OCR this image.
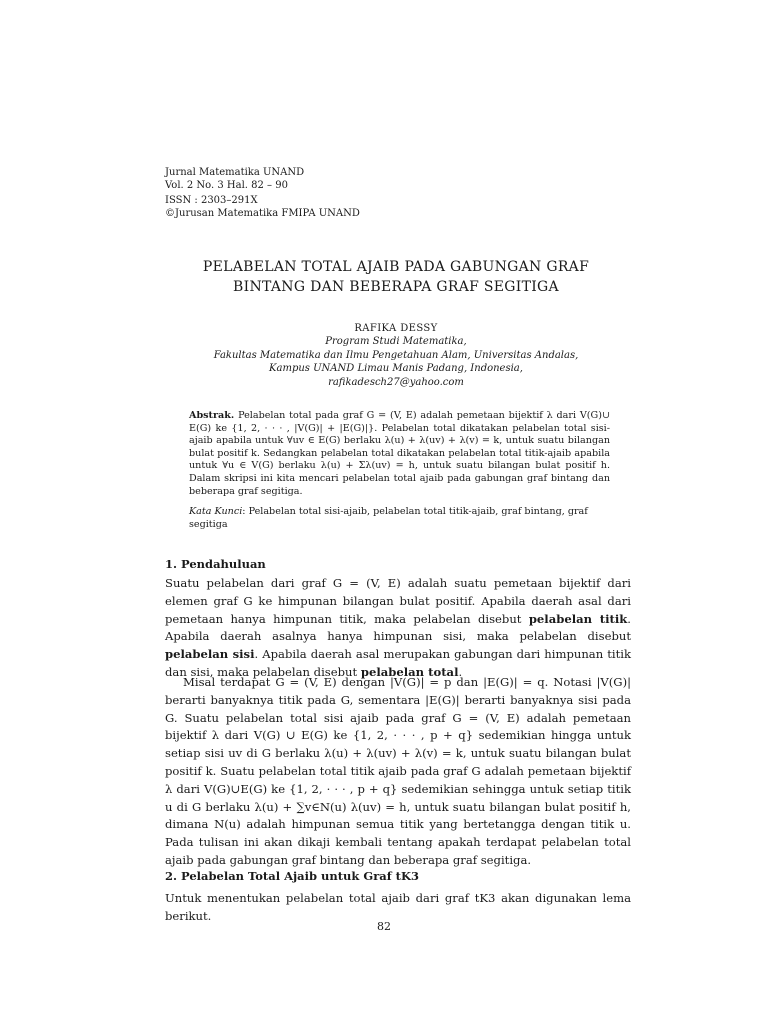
Jurnal Matematika UNAND
Vol. 2 No. 3 Hal. 82 – 90
ISSN : 2303–291X
©Jurusan Matematika FMIPA UNAND
PELABELAN TOTAL AJAIB PADA GABUNGAN GRAF
BINTANG DAN BEBERAPA GRAF SEGITIGA
RAFIKA DESSY
Program Studi Matematika,
Fakultas Matematika dan Ilmu Pengetahuan Alam, Universitas Andalas,
Kampus UNAND Limau Manis Padang, Indonesia,
rafikadesch27@yahoo.com
Abstrak. Pelabelan total pada graf G = (V, E) adalah pemetaan bijektif λ dari V(G)∪ E(G) ke {1, 2, · · · , |V(G)| + |E(G)|}. Pelabelan total dikatakan pelabelan total sisi-ajaib apabila untuk ∀uv ∈ E(G) berlaku λ(u) + λ(uv) + λ(v) = k, untuk suatu bilangan bulat positif k. Sedangkan pelabelan total dikatakan pelabelan total titik-ajaib apabila untuk ∀u ∈ V(G) berlaku λ(u) + Σλ(uv) = h, untuk suatu bilangan bulat positif h. Dalam skripsi ini kita mencari pelabelan total ajaib pada gabungan graf bintang dan beberapa graf segitiga.
Kata Kunci: Pelabelan total sisi-ajaib, pelabelan total titik-ajaib, graf bintang, graf segitiga
1. Pendahuluan
Suatu pelabelan dari graf G = (V, E) adalah suatu pemetaan bijektif dari elemen graf G ke himpunan bilangan bulat positif. Apabila daerah asal dari pemetaan hanya himpunan titik, maka pelabelan disebut pelabelan titik. Apabila daerah asalnya hanya himpunan sisi, maka pelabelan disebut pelabelan sisi. Apabila daerah asal merupakan gabungan dari himpunan titik dan sisi, maka pelabelan disebut pelabelan total.
Misal terdapat G = (V, E) dengan |V(G)| = p dan |E(G)| = q. Notasi |V(G)| berarti banyaknya titik pada G, sementara |E(G)| berarti banyaknya sisi pada G. Suatu pelabelan total sisi ajaib pada graf G = (V, E) adalah pemetaan bijektif λ dari V(G) ∪ E(G) ke {1, 2, · · · , p + q} sedemikian hingga untuk setiap sisi uv di G berlaku λ(u) + λ(uv) + λ(v) = k, untuk suatu bilangan bulat positif k. Suatu pelabelan total titik ajaib pada graf G adalah pemetaan bijektif λ dari V(G)∪E(G) ke {1, 2, · · · , p + q} sedemikian sehingga untuk setiap titik u di G berlaku λ(u) + ∑v∈N(u) λ(uv) = h, untuk suatu bilangan bulat positif h, dimana N(u) adalah himpunan semua titik yang bertetangga dengan titik u. Pada tulisan ini akan dikaji kembali tentang apakah terdapat pelabelan total ajaib pada gabungan graf bintang dan beberapa graf segitiga.
2. Pelabelan Total Ajaib untuk Graf tK3
Untuk menentukan pelabelan total ajaib dari graf tK3 akan digunakan lema berikut.
82
